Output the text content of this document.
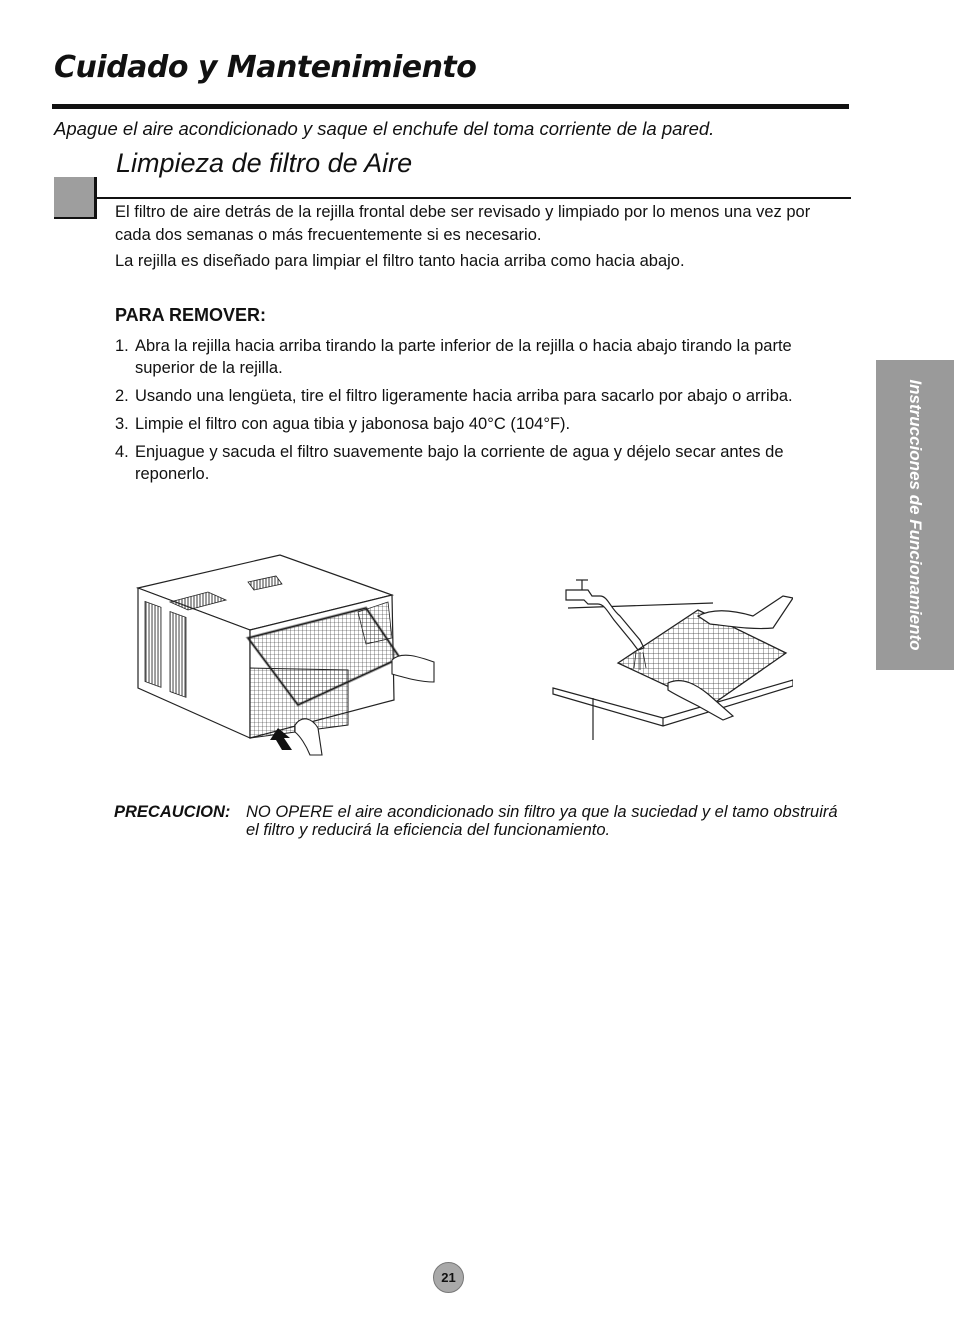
Cuidado y Mantenimiento

Apague el aire acondicionado y saque el enchufe del toma corriente de la pared.

Limpieza de filtro de Aire

El filtro de aire detrás de la rejilla frontal debe ser revisado y limpiado por lo menos una vez por cada dos semanas o más frecuentemente si es necesario.

La rejilla es diseñado para limpiar el filtro tanto hacia arriba como hacia abajo.

PARA REMOVER:
1. Abra la rejilla hacia arriba tirando la parte inferior de la rejilla o hacia abajo tirando la parte superior de la rejilla.
2. Usando una lengüeta, tire el filtro ligeramente hacia arriba para sacarlo por abajo o arriba.
3. Limpie el filtro con agua tibia y jabonosa bajo 40°C (104°F).
4. Enjuague y sacuda el filtro suavemente bajo la corriente de agua y déjelo secar antes de reponerlo.
PRECAUCION: NO OPERE el aire acondicionado sin filtro ya que la suciedad y el tamo obstruirá el filtro y reducirá la eficiencia del funcionamiento.
Instrucciones de Funcionamiento
21
